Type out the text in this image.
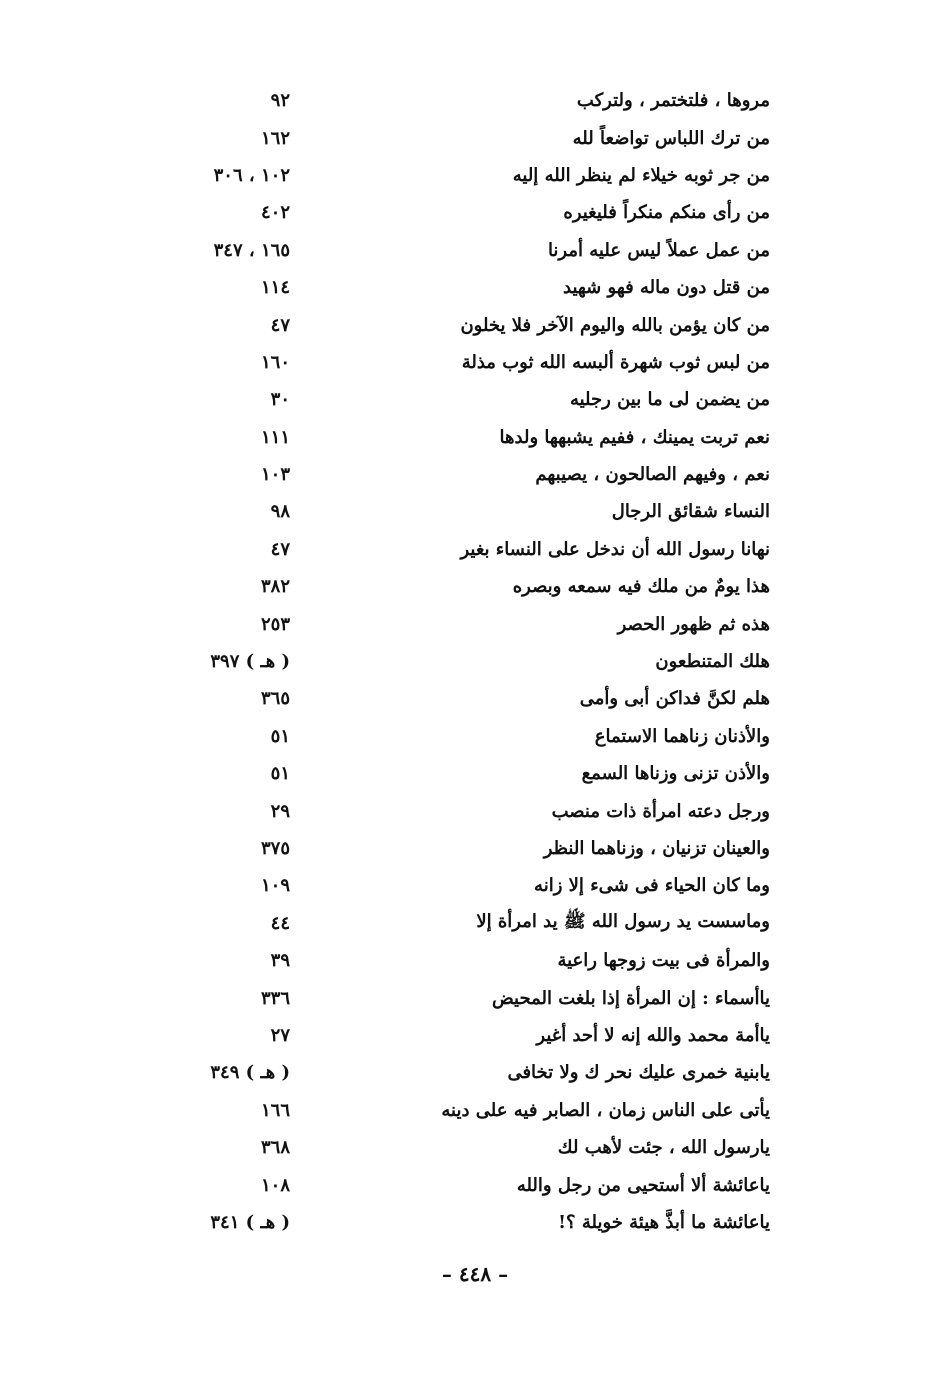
مروها ، فلتختمر ، ولتركب
٩٢
من ترك اللباس تواضعاً لله
١٦٢
من جر ثوبه خيلاء لم ينظر الله إليه
١٠٢ ، ٣٠٦
من رأى منكم منكراً فليغيره
٤٠٢
من عمل عملاً ليس عليه أمرنا
١٦٥ ، ٣٤٧
من قتل دون ماله فهو شهيد
١١٤
من كان يؤمن بالله واليوم الآخر فلا يخلون
٤٧
من لبس ثوب شهرة ألبسه الله ثوب مذلة
١٦٠
من يضمن لى ما بين رجليه
٣٠
نعم تربت يمينك ، ففيم يشبهها ولدها
١١١
نعم ، وفيهم الصالحون ، يصيبهم
١٠٣
النساء شقائق الرجال
٩٨
نهانا رسول الله أن ندخل على النساء بغير
٤٧
هذا يومٌ من ملك فيه سمعه وبصره
٣٨٢
هذه ثم ظهور الحصر
٢٥٣
هلك المتنطعون
( هـ ) ٣٩٧
هلم لكنَّ فداكن أبى وأمى
٣٦٥
والأذنان زناهما الاستماع
٥١
والأذن تزنى وزناها السمع
٥١
ورجل دعته امرأة ذات منصب
٢٩
والعينان تزنيان ، وزناهما النظر
٣٧٥
وما كان الحياء فى شىء إلا زانه
١٠٩
وماسست يد رسول الله ﷺ يد امرأة إلا
٤٤
والمرأة فى بيت زوجها راعية
٣٩
ياأسماء : إن المرأة إذا بلغت المحيض
٣٣٦
ياأمة محمد والله إنه لا أحد أغير
٢٧
يابنية خمرى عليك نحر ك ولا تخافى
( هـ ) ٣٤٩
يأتى على الناس زمان ، الصابر فيه على دينه
١٦٦
يارسول الله ، جئت لأهب لك
٣٦٨
ياعائشة ألا أستحيى من رجل والله
١٠٨
ياعائشة ما أبذَّ هيئة خويلة ؟!
( هـ ) ٣٤١
– ٤٤٨ –
